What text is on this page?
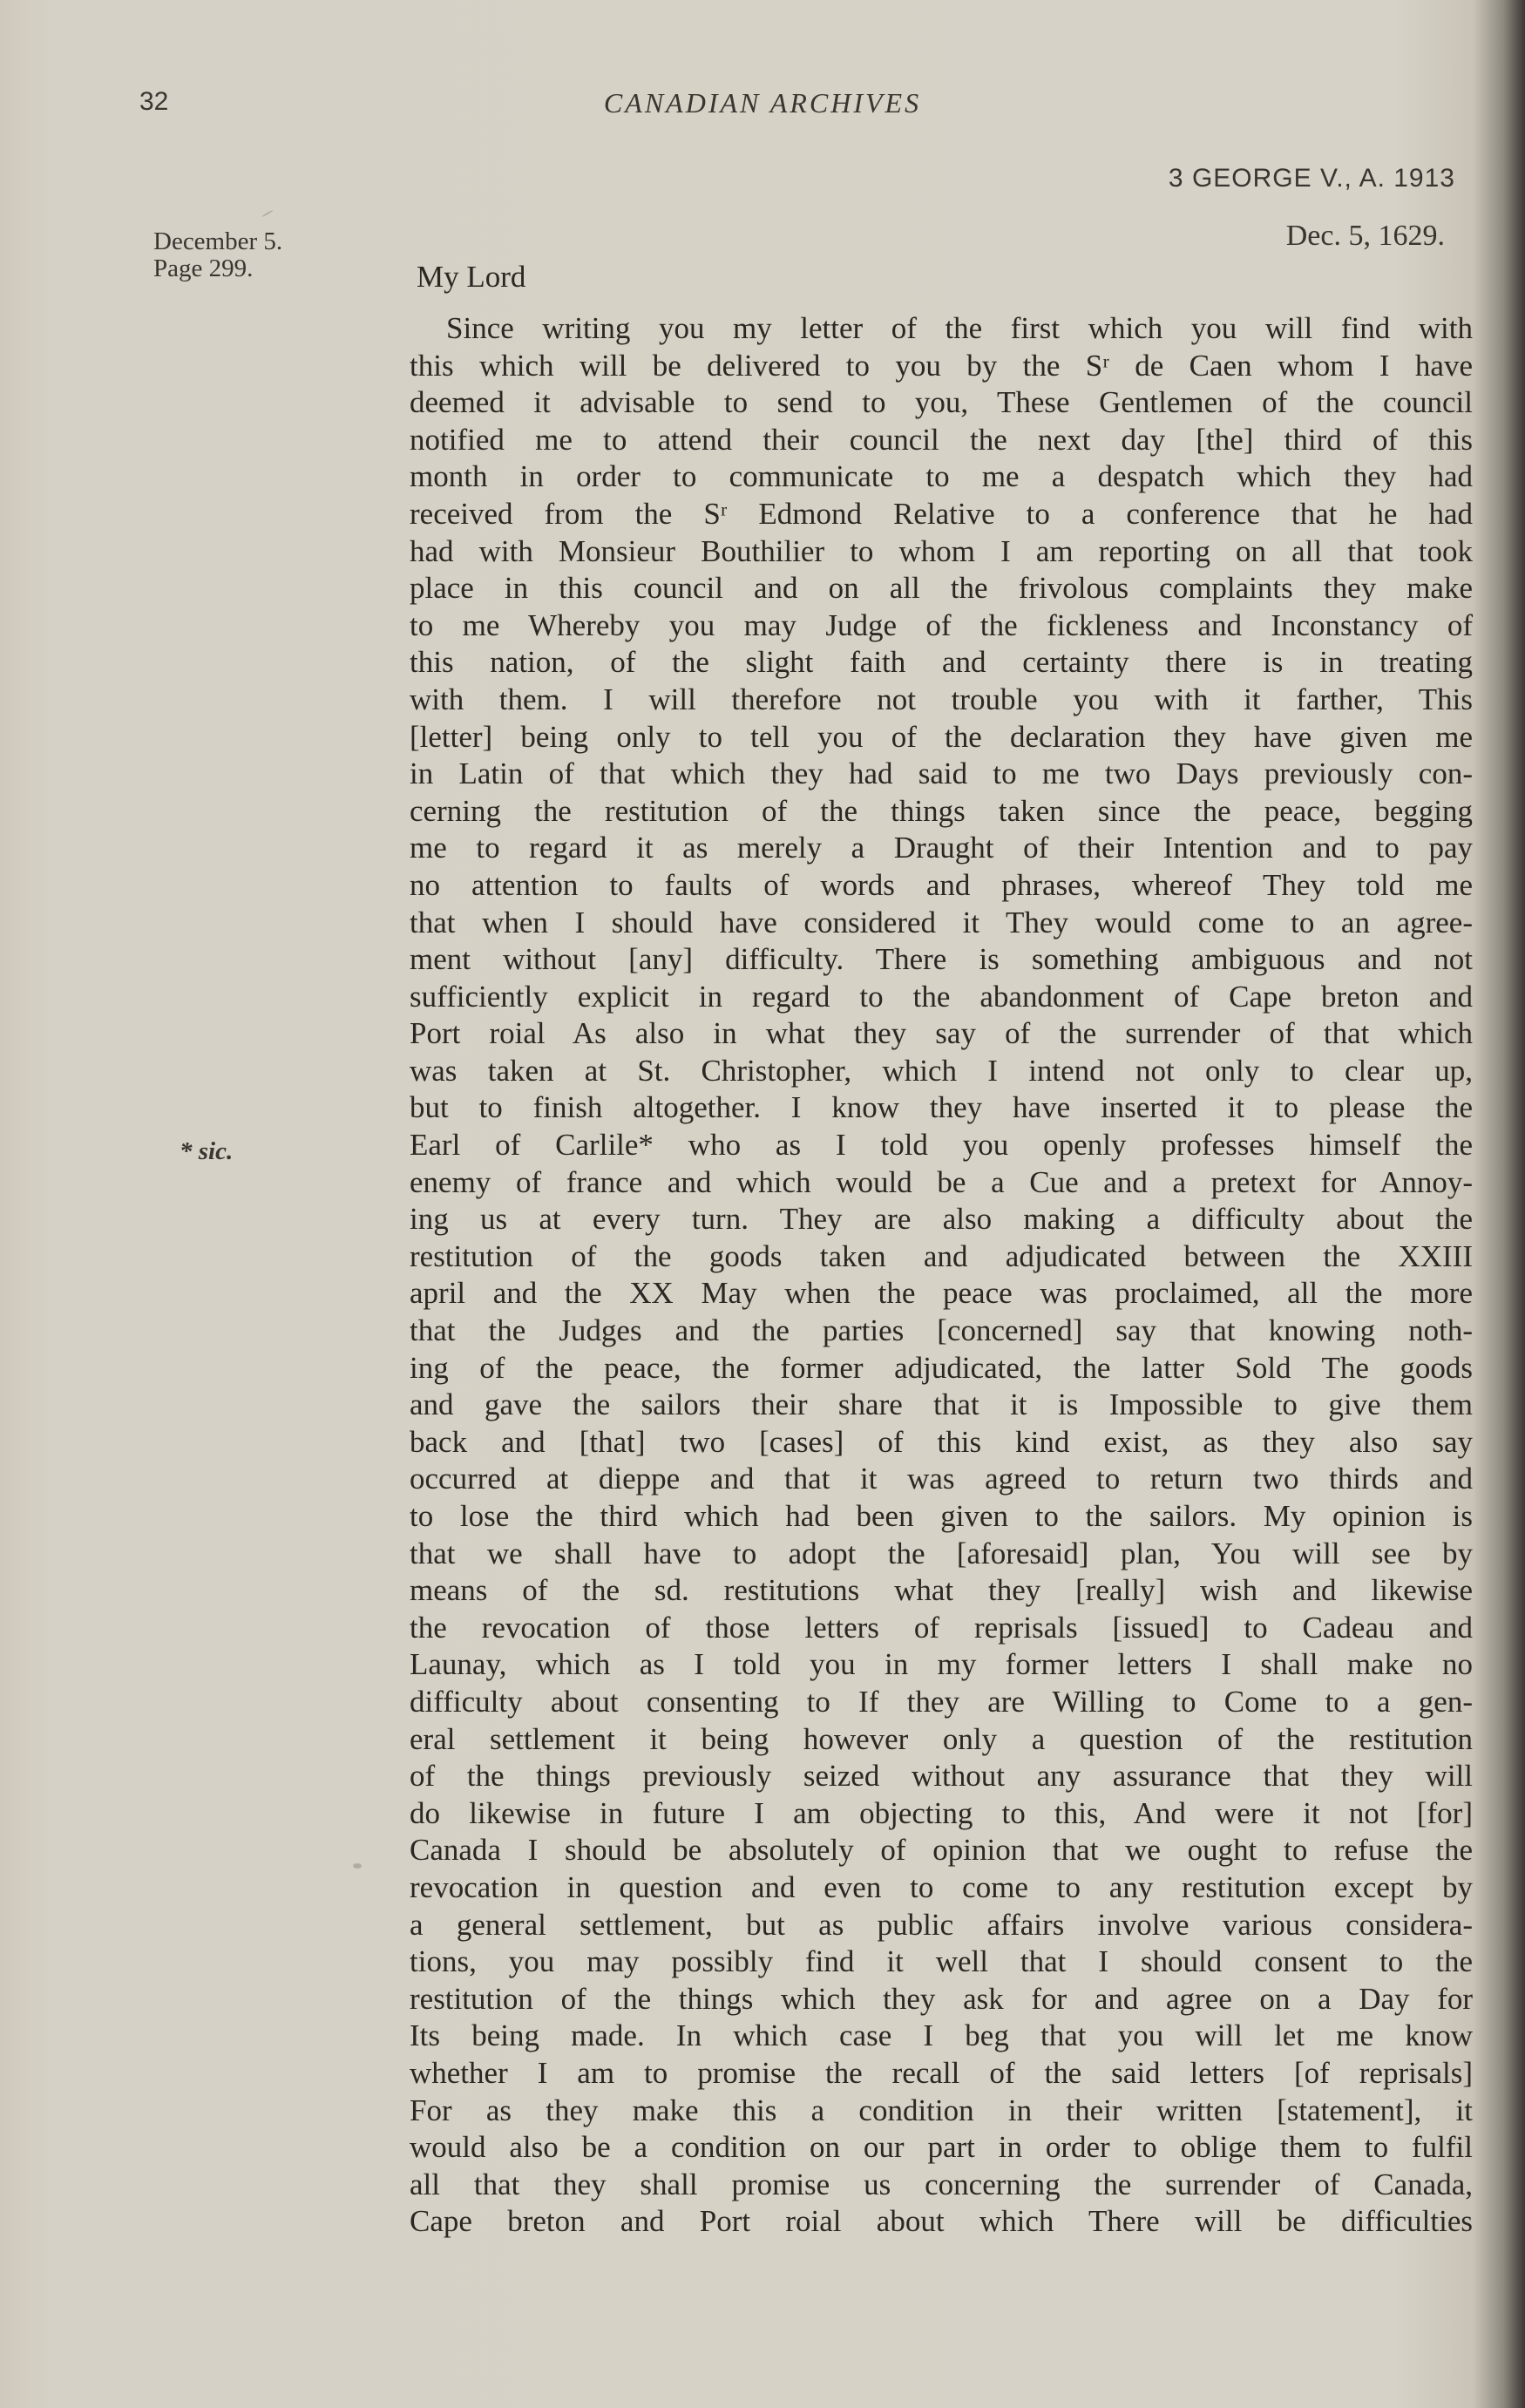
32	CANADIAN ARCHIVES
3 GEORGE V., A. 1913
December 5.
Page 299.
* sic.
Dec. 5, 1629.
My Lord
Since writing you my letter of the first which you will find with
this which will be delivered to you by the Sʳ de Caen whom I have
deemed it advisable to send to you, These Gentlemen of the council
notified me to attend their council the next day [the] third of this
month in order to communicate to me a despatch which they had
received from the Sʳ Edmond Relative to a conference that he had
had with Monsieur Bouthilier to whom I am reporting on all that took
place in this council and on all the frivolous complaints they make
to me Whereby you may Judge of the fickleness and Inconstancy of
this nation, of the slight faith and certainty there is in treating
with them. I will therefore not trouble you with it farther, This
[letter] being only to tell you of the declaration they have given me
in Latin of that which they had said to me two Days previously con-
cerning the restitution of the things taken since the peace, begging
me to regard it as merely a Draught of their Intention and to pay
no attention to faults of words and phrases, whereof They told me
that when I should have considered it They would come to an agree-
ment without [any] difficulty. There is something ambiguous and not
sufficiently explicit in regard to the abandonment of Cape breton and
Port roial As also in what they say of the surrender of that which
was taken at St. Christopher, which I intend not only to clear up,
but to finish altogether. I know they have inserted it to please the
Earl of Carlile* who as I told you openly professes himself the
enemy of france and which would be a Cue and a pretext for Annoy-
ing us at every turn. They are also making a difficulty about the
restitution of the goods taken and adjudicated between the XXIII
april and the XX May when the peace was proclaimed, all the more
that the Judges and the parties [concerned] say that knowing noth-
ing of the peace, the former adjudicated, the latter Sold The goods
and gave the sailors their share that it is Impossible to give them
back and [that] two [cases] of this kind exist, as they also say
occurred at dieppe and that it was agreed to return two thirds and
to lose the third which had been given to the sailors. My opinion is
that we shall have to adopt the [aforesaid] plan, You will see by
means of the sd. restitutions what they [really] wish and likewise
the revocation of those letters of reprisals [issued] to Cadeau and
Launay, which as I told you in my former letters I shall make no
difficulty about consenting to If they are Willing to Come to a gen-
eral settlement it being however only a question of the restitution
of the things previously seized without any assurance that they will
do likewise in future I am objecting to this, And were it not [for]
Canada I should be absolutely of opinion that we ought to refuse the
revocation in question and even to come to any restitution except by
a general settlement, but as public affairs involve various considera-
tions, you may possibly find it well that I should consent to the
restitution of the things which they ask for and agree on a Day for
Its being made. In which case I beg that you will let me know
whether I am to promise the recall of the said letters [of reprisals]
For as they make this a condition in their written [statement], it
would also be a condition on our part in order to oblige them to fulfil
all that they shall promise us concerning the surrender of Canada,
Cape breton and Port roial about which There will be difficulties
